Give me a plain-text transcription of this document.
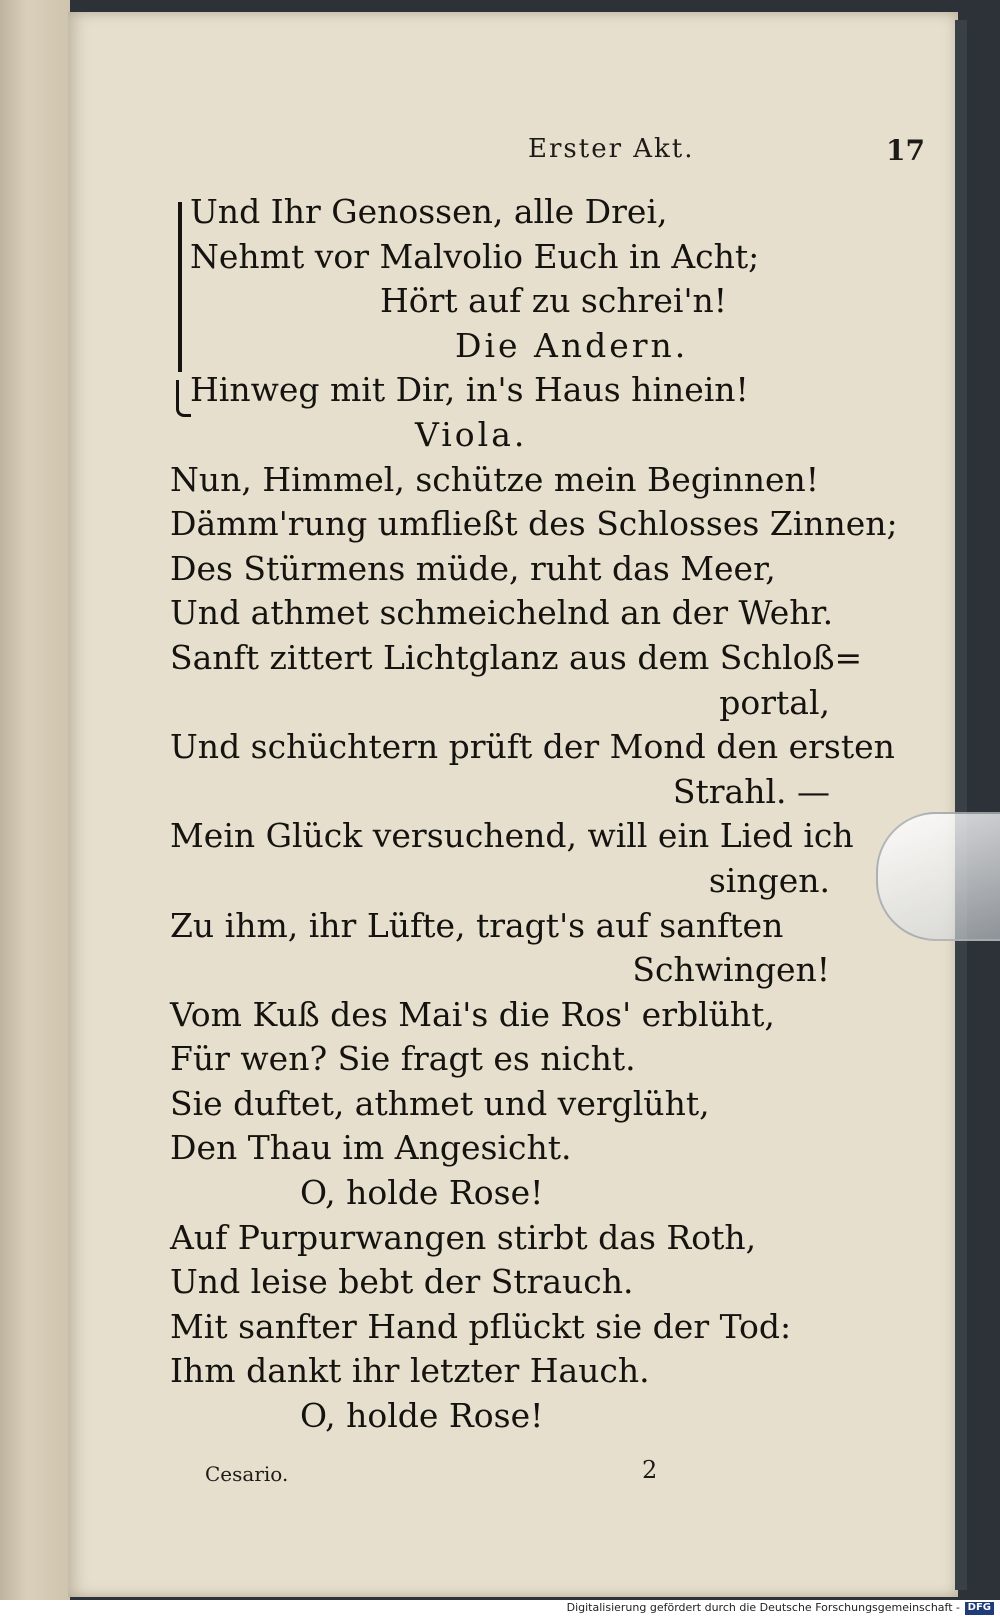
Erster Akt.	17
Und Ihr Genossen, alle Drei,
Nehmt vor Malvolio Euch in Acht;
Hört auf zu schrei'n!
Die Andern.
Hinweg mit Dir, in's Haus hinein!
Viola.
Nun, Himmel, schütze mein Beginnen!
Dämm'rung umfließt des Schlosses Zinnen;
Des Stürmens müde, ruht das Meer,
Und athmet schmeichelnd an der Wehr.
Sanft zittert Lichtglanz aus dem Schloß=
portal,
Und schüchtern prüft der Mond den ersten
Strahl. —
Mein Glück versuchend, will ein Lied ich
singen.
Zu ihm, ihr Lüfte, tragt's auf sanften
Schwingen!
Vom Kuß des Mai's die Ros' erblüht,
Für wen? Sie fragt es nicht.
Sie duftet, athmet und verglüht,
Den Thau im Angesicht.
O, holde Rose!
Auf Purpurwangen stirbt das Roth,
Und leise bebt der Strauch.
Mit sanfter Hand pflückt sie der Tod:
Ihm dankt ihr letzter Hauch.
O, holde Rose!
Cesario.	2
Digitalisierung gefördert durch die Deutsche Forschungsgemeinschaft - DFG
